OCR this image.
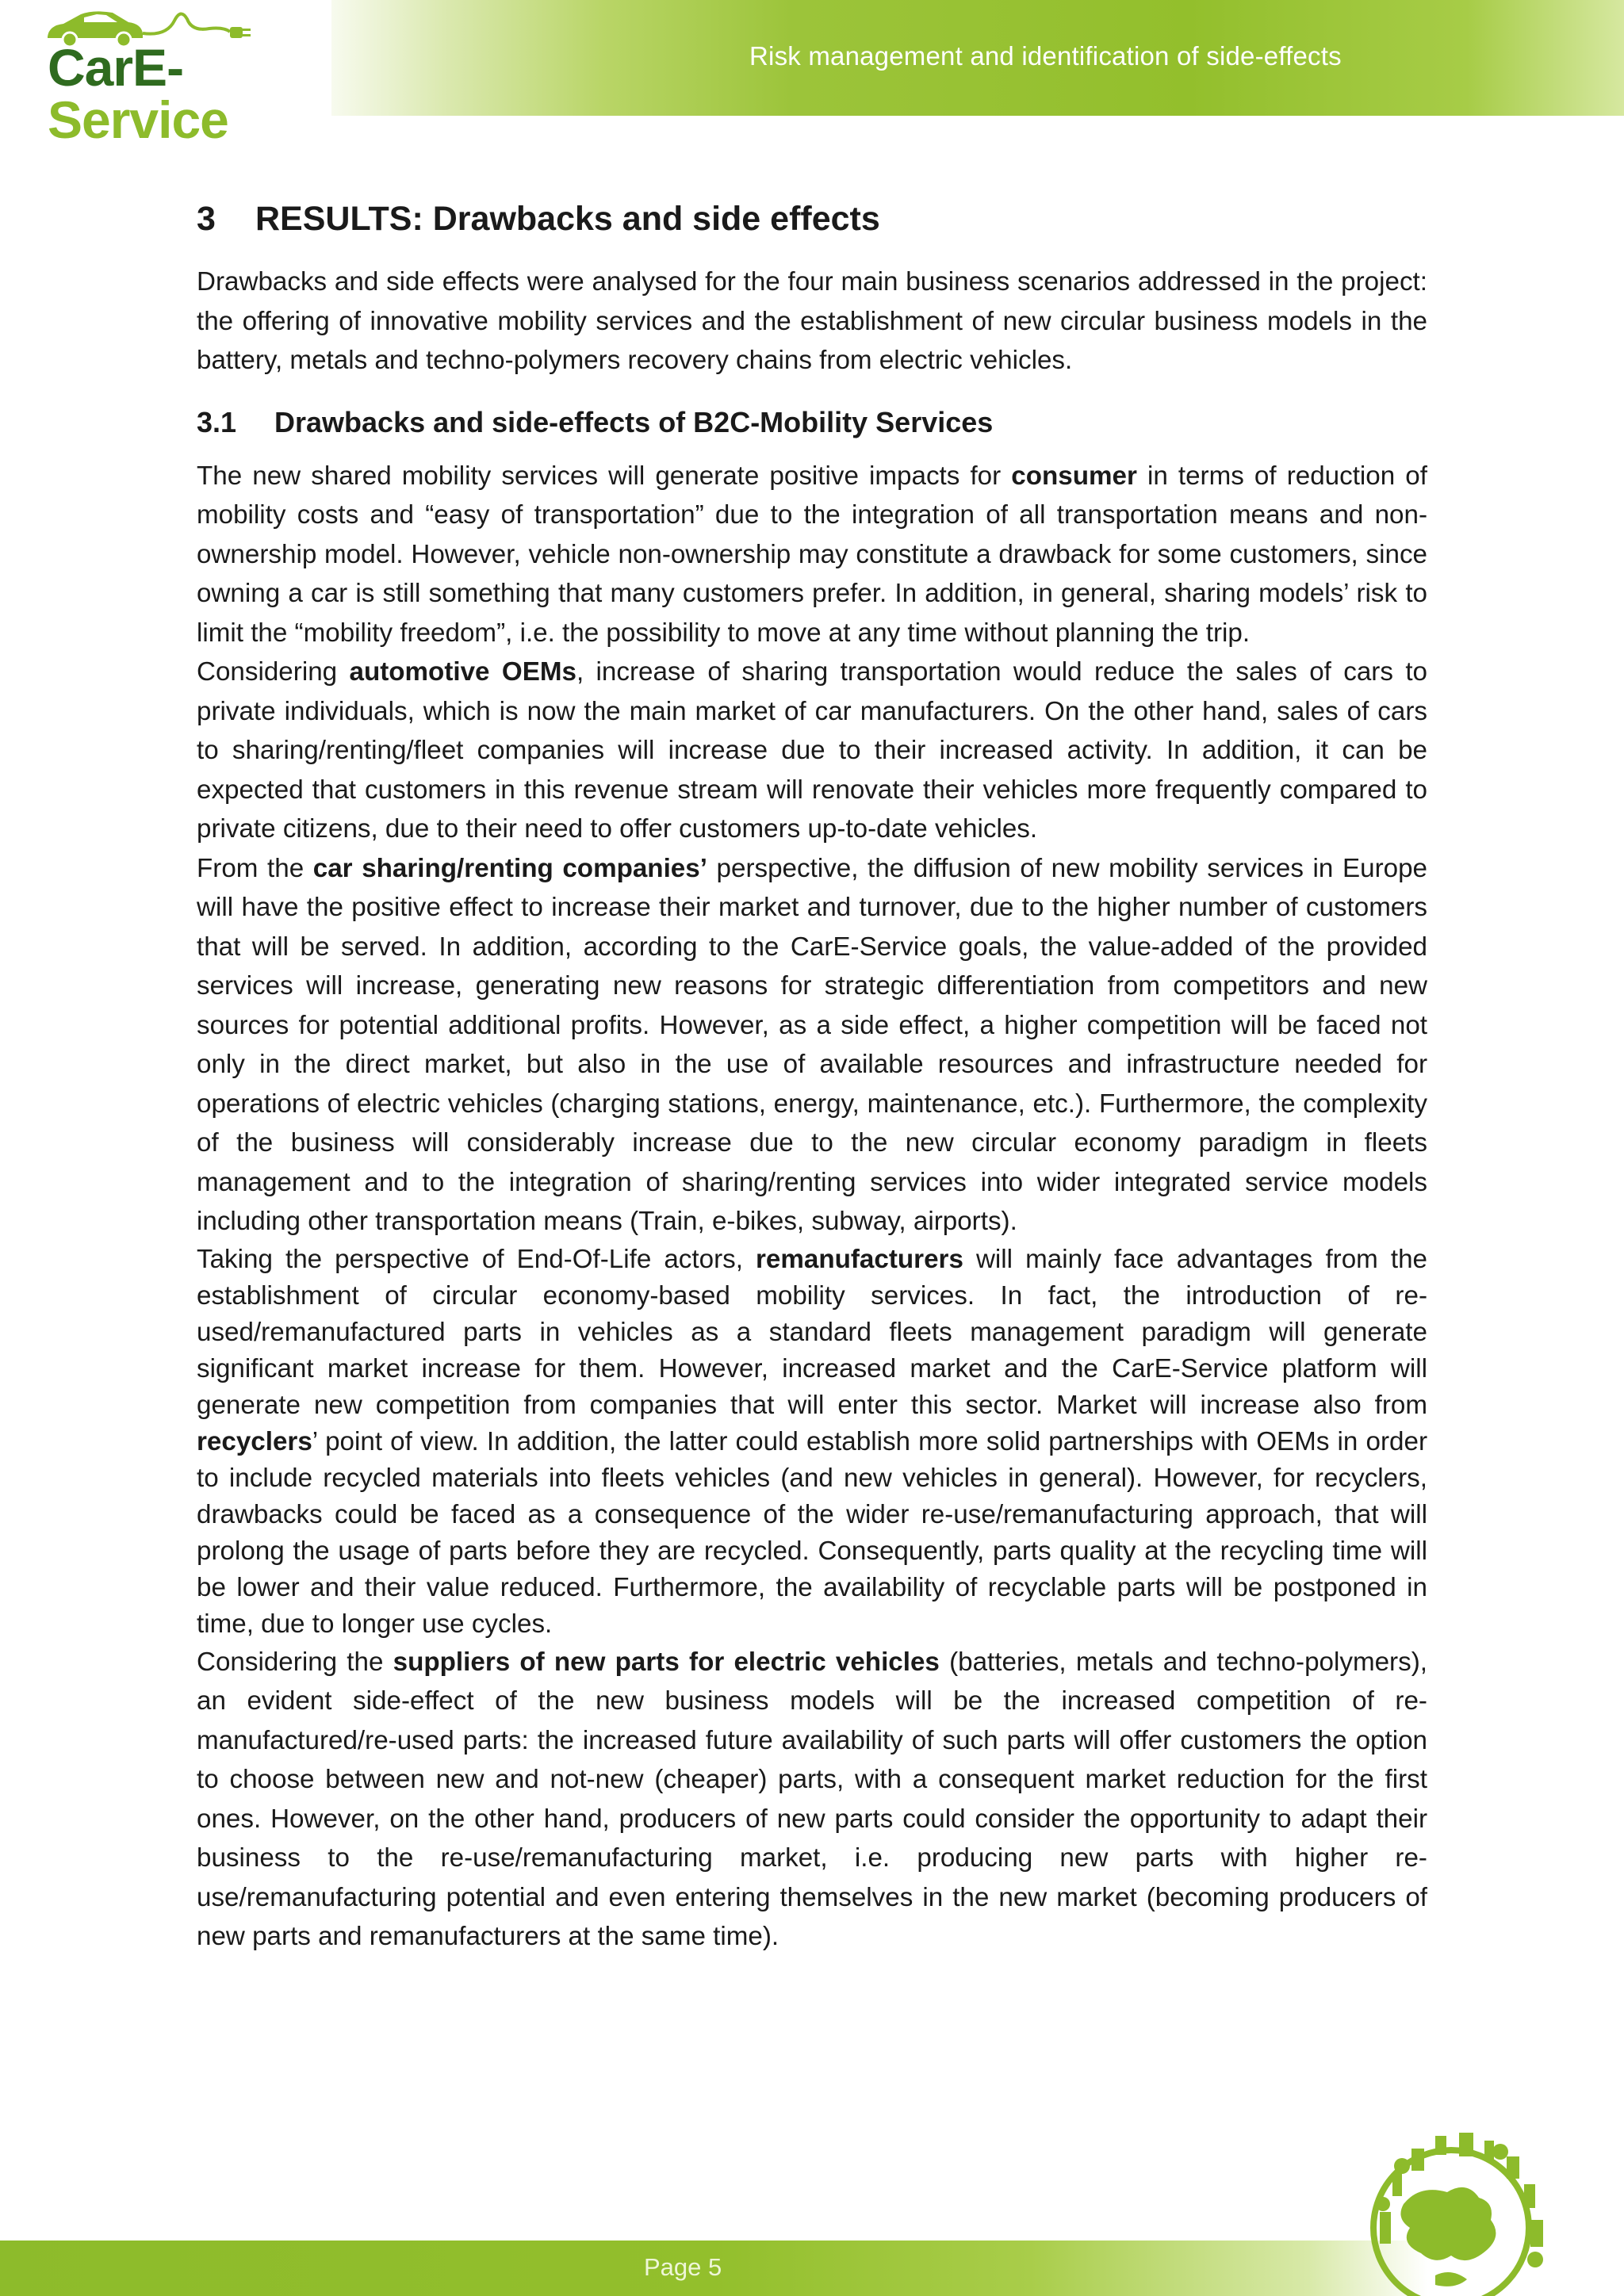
CarE-Service
Risk management and identification of side-effects
3 RESULTS: Drawbacks and side effects

Drawbacks and side effects were analysed for the four main business scenarios addressed in the project: the offering of innovative mobility services and the establishment of new circular business models in the battery, metals and techno-polymers recovery chains from electric vehicles.

3.1 Drawbacks and side-effects of B2C-Mobility Services

The new shared mobility services will generate positive impacts for consumer in terms of reduction of mobility costs and “easy of transportation” due to the integration of all transportation means and non-ownership model. However, vehicle non-ownership may constitute a drawback for some customers, since owning a car is still something that many customers prefer. In addition, in general, sharing models’ risk to limit the “mobility freedom”, i.e. the possibility to move at any time without planning the trip.

Considering automotive OEMs, increase of sharing transportation would reduce the sales of cars to private individuals, which is now the main market of car manufacturers. On the other hand, sales of cars to sharing/renting/fleet companies will increase due to their increased activity. In addition, it can be expected that customers in this revenue stream will renovate their vehicles more frequently compared to private citizens, due to their need to offer customers up-to-date vehicles.

From the car sharing/renting companies’ perspective, the diffusion of new mobility services in Europe will have the positive effect to increase their market and turnover, due to the higher number of customers that will be served. In addition, according to the CarE-Service goals, the value-added of the provided services will increase, generating new reasons for strategic differentiation from competitors and new sources for potential additional profits. However, as a side effect, a higher competition will be faced not only in the direct market, but also in the use of available resources and infrastructure needed for operations of electric vehicles (charging stations, energy, maintenance, etc.). Furthermore, the complexity of the business will considerably increase due to the new circular economy paradigm in fleets management and to the integration of sharing/renting services into wider integrated service models including other transportation means (Train, e-bikes, subway, airports).

Taking the perspective of End-Of-Life actors, remanufacturers will mainly face advantages from the establishment of circular economy-based mobility services. In fact, the introduction of re-used/remanufactured parts in vehicles as a standard fleets management paradigm will generate significant market increase for them. However, increased market and the CarE-Service platform will generate new competition from companies that will enter this sector. Market will increase also from recyclers’ point of view. In addition, the latter could establish more solid partnerships with OEMs in order to include recycled materials into fleets vehicles (and new vehicles in general). However, for recyclers, drawbacks could be faced as a consequence of the wider re-use/remanufacturing approach, that will prolong the usage of parts before they are recycled. Consequently, parts quality at the recycling time will be lower and their value reduced. Furthermore, the availability of recyclable parts will be postponed in time, due to longer use cycles.

Considering the suppliers of new parts for electric vehicles (batteries, metals and techno-polymers), an evident side-effect of the new business models will be the increased competition of re-manufactured/re-used parts: the increased future availability of such parts will offer customers the option to choose between new and not-new (cheaper) parts, with a consequent market reduction for the first ones. However, on the other hand, producers of new parts could consider the opportunity to adapt their business to the re-use/remanufacturing market, i.e. producing new parts with higher re-use/remanufacturing potential and even entering themselves in the new market (becoming producers of new parts and remanufacturers at the same time).

Page 5
